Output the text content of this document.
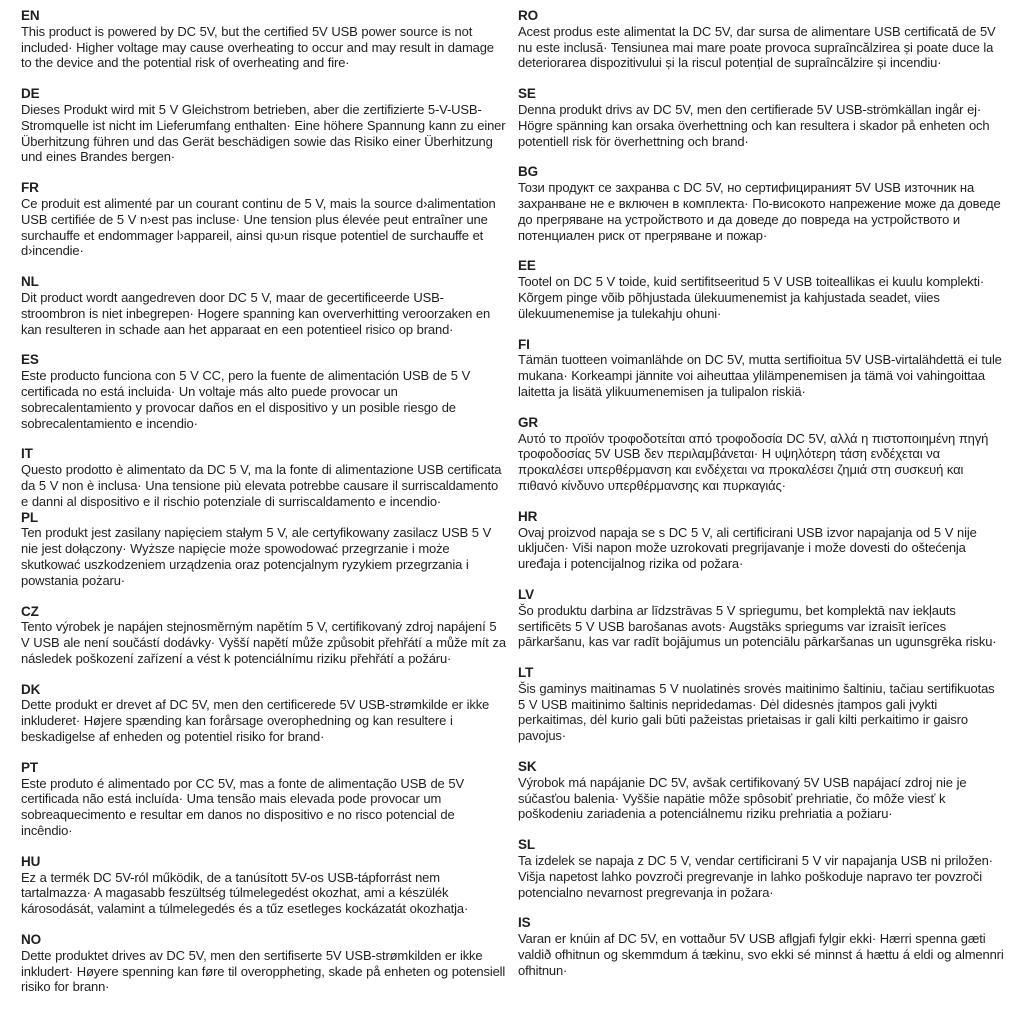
EN

This product is powered by DC 5V, but the certified 5V USB power source is not included· Higher voltage may cause overheating to occur and may result in damage to the device and the potential risk of overheating and fire·

DE

Dieses Produkt wird mit 5 V Gleichstrom betrieben, aber die zertifizierte 5-V-USB-Stromquelle ist nicht im Lieferumfang enthalten· Eine höhere Spannung kann zu einer Überhitzung führen und das Gerät beschädigen sowie das Risiko einer Überhitzung und eines Brandes bergen·

FR

Ce produit est alimenté par un courant continu de 5 V, mais la source d›alimentation USB certifiée de 5 V n›est pas incluse· Une tension plus élevée peut entraîner une surchauffe et endommager l›appareil, ainsi qu›un risque potentiel de surchauffe et d›incendie·

NL

Dit product wordt aangedreven door DC 5 V, maar de gecertificeerde USB-stroombron is niet inbegrepen· Hogere spanning kan oververhitting veroorzaken en kan resulteren in schade aan het apparaat en een potentieel risico op brand·

ES

Este producto funciona con 5 V CC, pero la fuente de alimentación USB de 5 V certificada no está incluida· Un voltaje más alto puede provocar un sobrecalentamiento y provocar daños en el dispositivo y un posible riesgo de sobrecalentamiento e incendio·

IT

Questo prodotto è alimentato da DC 5 V, ma la fonte di alimentazione USB certificata da 5 V non è inclusa· Una tensione più elevata potrebbe causare il surriscaldamento e danni al dispositivo e il rischio potenziale di surriscaldamento e incendio·

PL

Ten produkt jest zasilany napięciem stałym 5 V, ale certyfikowany zasilacz USB 5 V nie jest dołączony· Wyższe napięcie może spowodować przegrzanie i może skutkować uszkodzeniem urządzenia oraz potencjalnym ryzykiem przegrzania i powstania pożaru·

CZ

Tento výrobek je napájen stejnosměrným napětím 5 V, certifikovaný zdroj napájení 5 V USB ale není součástí dodávky· Vyšší napětí může způsobit přehřátí a může mít za následek poškození zařízení a vést k potenciálnímu riziku přehřátí a požáru·

DK

Dette produkt er drevet af DC 5V, men den certificerede 5V USB-strømkilde er ikke inkluderet· Højere spænding kan forårsage overophedning og kan resultere i beskadigelse af enheden og potentiel risiko for brand·

PT

Este produto é alimentado por CC 5V, mas a fonte de alimentação USB de 5V certificada não está incluída· Uma tensão mais elevada pode provocar um sobreaquecimento e resultar em danos no dispositivo e no risco potencial de incêndio·

HU

Ez a termék DC 5V-ról működik, de a tanúsított 5V-os USB-tápforrást nem tartalmazza· A magasabb feszültség túlmelegedést okozhat, ami a készülék károsodását, valamint a túlmelegedés és a tűz esetleges kockázatát okozhatja·

NO

Dette produktet drives av DC 5V, men den sertifiserte 5V USB-strømkilden er ikke inkludert· Høyere spenning kan føre til overoppheting, skade på enheten og potensiell risiko for brann·

RO

Acest produs este alimentat la DC 5V, dar sursa de alimentare USB certificată de 5V nu este inclusă· Tensiunea mai mare poate provoca supraîncălzirea și poate duce la deteriorarea dispozitivului și la riscul potențial de supraîncălzire și incendiu·

SE

Denna produkt drivs av DC 5V, men den certifierade 5V USB-strömkällan ingår ej· Högre spänning kan orsaka överhettning och kan resultera i skador på enheten och potentiell risk för överhettning och brand·

BG

Този продукт се захранва с DC 5V, но сертифицираният 5V USB източник на захранване не е включен в комплекта· По-високото напрежение може да доведе до прегряване на устройството и да доведе до повреда на устройството и потенциален риск от прегряване и пожар·

EE

Tootel on DC 5 V toide, kuid sertifitseeritud 5 V USB toiteallikas ei kuulu komplekti· Kõrgem pinge võib põhjustada ülekuumenemist ja kahjustada seadet, viies ülekuumenemise ja tulekahju ohuni·

FI

Tämän tuotteen voimanlähde on DC 5V, mutta sertifioitua 5V USB-virtalähdettä ei tule mukana· Korkeampi jännite voi aiheuttaa ylilämpenemisen ja tämä voi vahingoittaa laitetta ja lisätä ylikuumenemisen ja tulipalon riskiä·

GR

Αυτό το προϊόν τροφοδοτείται από τροφοδοσία DC 5V, αλλά η πιστοποιημένη πηγή τροφοδοσίας 5V USB δεν περιλαμβάνεται· Η υψηλότερη τάση ενδέχεται να προκαλέσει υπερθέρμανση και ενδέχεται να προκαλέσει ζημιά στη συσκευή και πιθανό κίνδυνο υπερθέρμανσης και πυρκαγιάς·

HR

Ovaj proizvod napaja se s DC 5 V, ali certificirani USB izvor napajanja od 5 V nije uključen· Viši napon može uzrokovati pregrijavanje i može dovesti do oštećenja uređaja i potencijalnog rizika od požara·

LV

Šo produktu darbina ar līdzstrāvas 5 V spriegumu, bet komplektā nav iekļauts sertificēts 5 V USB barošanas avots· Augstāks spriegums var izraisīt ierīces pārkaršanu, kas var radīt bojājumus un potenciālu pārkaršanas un ugunsgrēka risku·

LT

Šis gaminys maitinamas 5 V nuolatinės srovės maitinimo šaltiniu, tačiau sertifikuotas 5 V USB maitinimo šaltinis nepridedamas· Dėl didesnės įtampos gali įvykti perkaitimas, dėl kurio gali būti pažeistas prietaisas ir gali kilti perkaitimo ir gaisro pavojus·

SK

Výrobok má napájanie DC 5V, avšak certifikovaný 5V USB napájací zdroj nie je súčasťou balenia· Vyššie napätie môže spôsobiť prehriatie, čo môže viesť k poškodeniu zariadenia a potenciálnemu riziku prehriatia a požiaru·

SL

Ta izdelek se napaja z DC 5 V, vendar certificirani 5 V vir napajanja USB ni priložen· Višja napetost lahko povzroči pregrevanje in lahko poškoduje napravo ter povzroči potencialno nevarnost pregrevanja in požara·

IS

Varan er knúin af DC 5V, en vottaður 5V USB aflgjafi fylgir ekki· Hærri spenna gæti valdið ofhitnun og skemmdum á tækinu, svo ekki sé minnst á hættu á eldi og almennri ofhitnun·
